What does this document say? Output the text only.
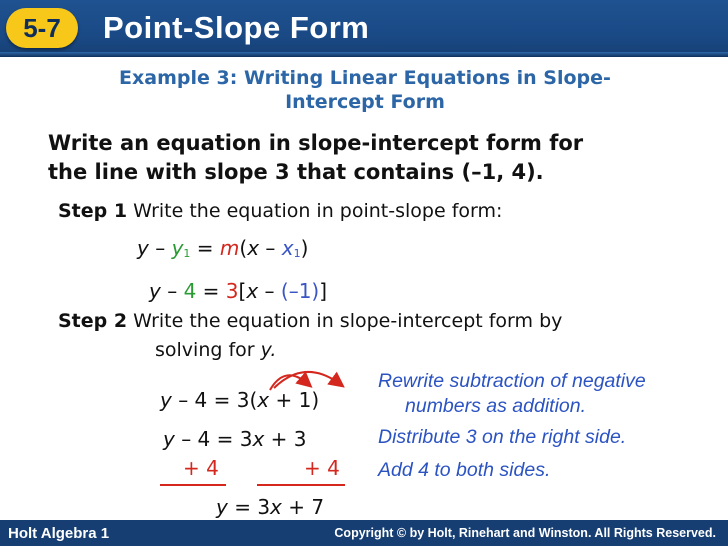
5-7	Point-Slope Form
Example 3: Writing Linear Equations in Slope-
Intercept Form
Write an equation in slope-intercept form for
the line with slope 3 that contains (–1, 4).
Step 1 Write the equation in point-slope form:
$y - y_1 = m(x - x_1)$
y – 4 = 3[x – (–1)]
Step 2 Write the equation in slope-intercept form by
solving for y.
y – 4 = 3(x + 1)
y – 4 = 3x + 3
+ 4	+ 4
y = 3x + 7
Rewrite subtraction of negative
numbers as addition.
Distribute 3 on the right side.
Add 4 to both sides.
Holt Algebra 1	Copyright © by Holt, Rinehart and Winston. All Rights Reserved.
